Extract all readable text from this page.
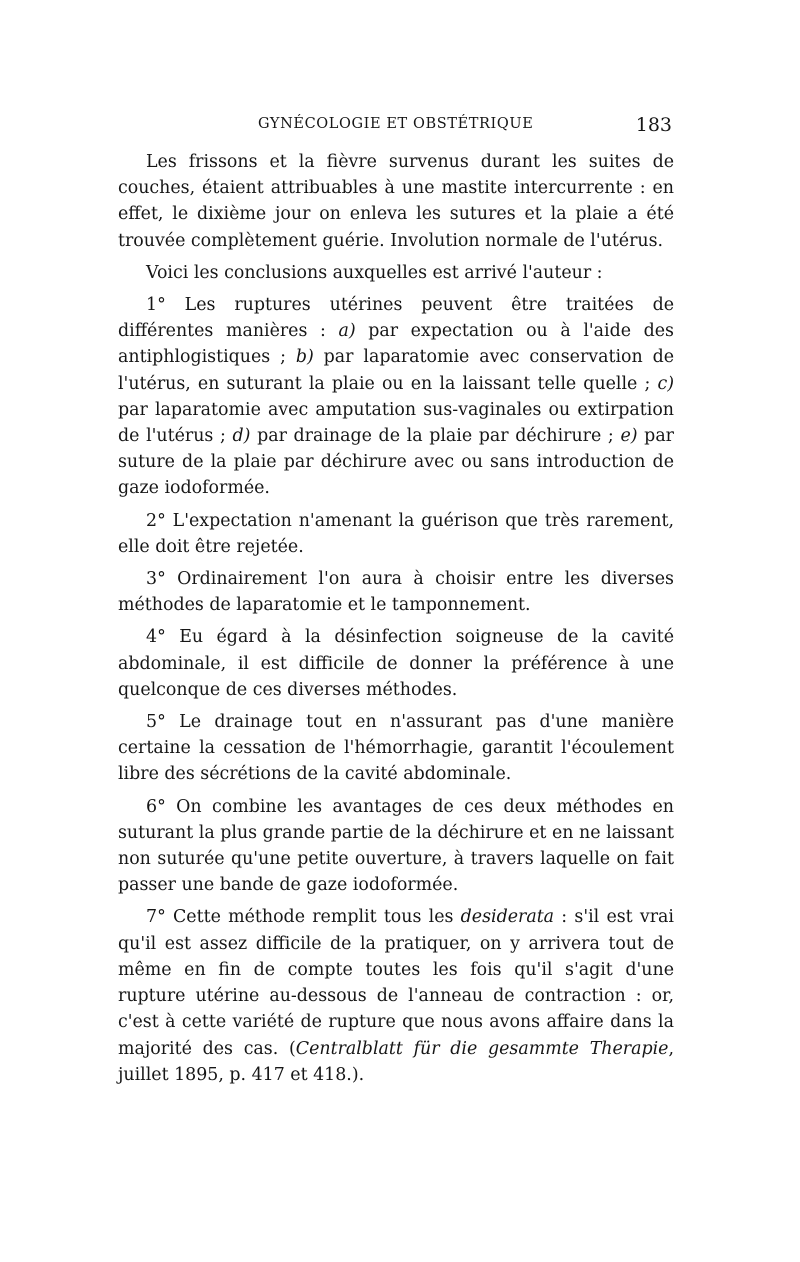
GYNÉCOLOGIE ET OBSTÉTRIQUE	183

Les frissons et la fièvre survenus durant les suites de couches, étaient attribuables à une mastite intercurrente : en effet, le dixième jour on enleva les sutures et la plaie a été trouvée complètement guérie. Involution normale de l'utérus.

Voici les conclusions auxquelles est arrivé l'auteur :

1° Les ruptures utérines peuvent être traitées de différentes manières : a) par expectation ou à l'aide des antiphlogistiques ; b) par laparatomie avec conservation de l'utérus, en suturant la plaie ou en la laissant telle quelle ; c) par laparatomie avec amputation sus-vaginales ou extirpation de l'utérus ; d) par drainage de la plaie par déchirure ; e) par suture de la plaie par déchirure avec ou sans introduction de gaze iodoformée.

2° L'expectation n'amenant la guérison que très rarement, elle doit être rejetée.

3° Ordinairement l'on aura à choisir entre les diverses méthodes de laparatomie et le tamponnement.

4° Eu égard à la désinfection soigneuse de la cavité abdominale, il est difficile de donner la préférence à une quelconque de ces diverses méthodes.

5° Le drainage tout en n'assurant pas d'une manière certaine la cessation de l'hémorrhagie, garantit l'écoulement libre des sécrétions de la cavité abdominale.

6° On combine les avantages de ces deux méthodes en suturant la plus grande partie de la déchirure et en ne laissant non suturée qu'une petite ouverture, à travers laquelle on fait passer une bande de gaze iodoformée.

7° Cette méthode remplit tous les desiderata : s'il est vrai qu'il est assez difficile de la pratiquer, on y arrivera tout de même en fin de compte toutes les fois qu'il s'agit d'une rupture utérine au-dessous de l'anneau de contraction : or, c'est à cette variété de rupture que nous avons affaire dans la majorité des cas. (Centralblatt für die gesammte Therapie, juillet 1895, p. 417 et 418.).
